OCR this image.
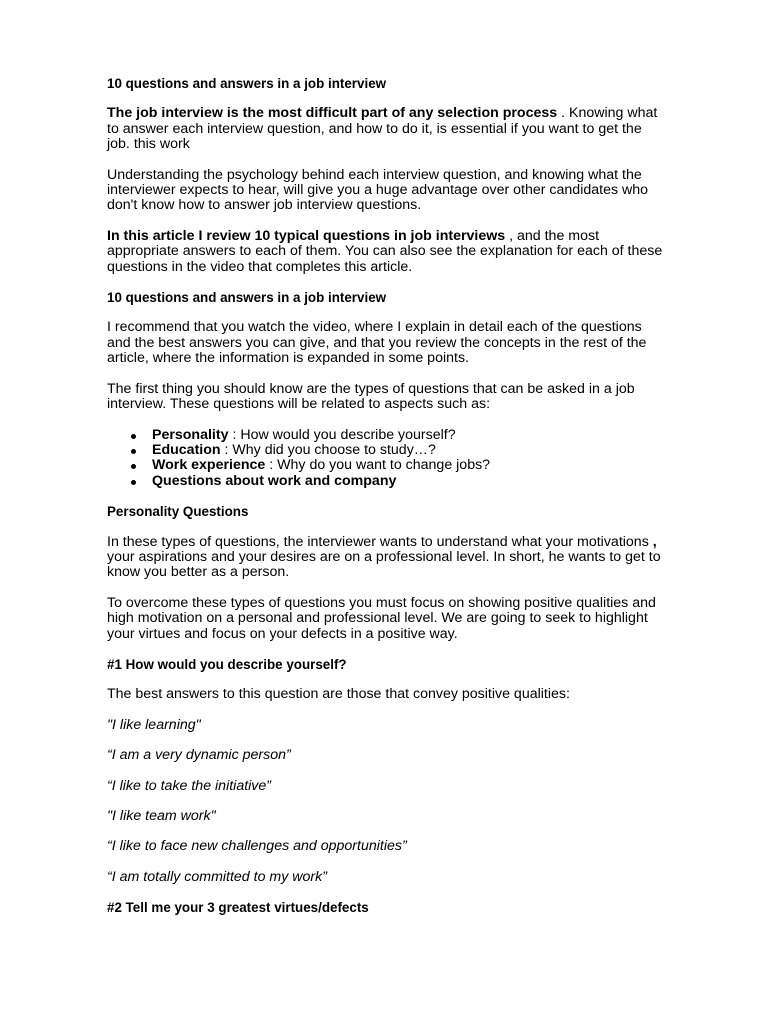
10 questions and answers in a job interview

The job interview is the most difficult part of any selection process . Knowing what to answer each interview question, and how to do it, is essential if you want to get the job. this work

Understanding the psychology behind each interview question, and knowing what the interviewer expects to hear, will give you a huge advantage over other candidates who don't know how to answer job interview questions.

In this article I review 10 typical questions in job interviews , and the most appropriate answers to each of them. You can also see the explanation for each of these questions in the video that completes this article.

10 questions and answers in a job interview

I recommend that you watch the video, where I explain in detail each of the questions and the best answers you can give, and that you review the concepts in the rest of the article, where the information is expanded in some points.

The first thing you should know are the types of questions that can be asked in a job interview. These questions will be related to aspects such as:

Personality : How would you describe yourself?
Education : Why did you choose to study…?
Work experience : Why do you want to change jobs?
Questions about work and company

Personality Questions

In these types of questions, the interviewer wants to understand what your motivations , your aspirations and your desires are on a professional level. In short, he wants to get to know you better as a person.

To overcome these types of questions you must focus on showing positive qualities and high motivation on a personal and professional level. We are going to seek to highlight your virtues and focus on your defects in a positive way.

#1 How would you describe yourself?

The best answers to this question are those that convey positive qualities:

"I like learning"

“I am a very dynamic person”

“I like to take the initiative”

"I like team work"

“I like to face new challenges and opportunities”

“I am totally committed to my work”

#2 Tell me your 3 greatest virtues/defects
